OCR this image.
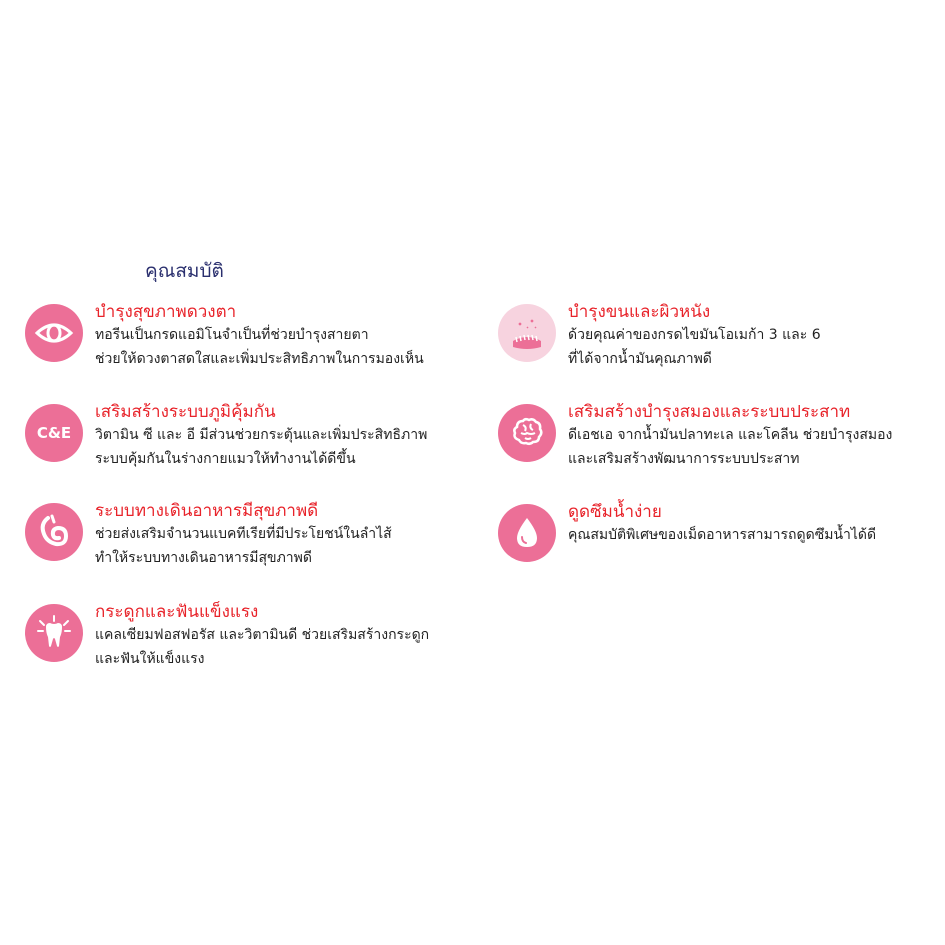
คุณสมบัติ
บำรุงสุขภาพดวงตา
ทอรีนเป็นกรดแอมิโนจำเป็นที่ช่วยบำรุงสายตา
ช่วยให้ดวงตาสดใสและเพิ่มประสิทธิภาพในการมองเห็น
C&E
เสริมสร้างระบบภูมิคุ้มกัน
วิตามิน ซี และ อี มีส่วนช่วยกระตุ้นและเพิ่มประสิทธิภาพ
ระบบคุ้มกันในร่างกายแมวให้ทำงานได้ดีขึ้น
ระบบทางเดินอาหารมีสุขภาพดี
ช่วยส่งเสริมจำนวนแบคทีเรียที่มีประโยชน์ในลำไส้
ทำให้ระบบทางเดินอาหารมีสุขภาพดี
กระดูกและฟันแข็งแรง
แคลเซียมฟอสฟอรัส และวิตามินดี ช่วยเสริมสร้างกระดูก
และฟันให้แข็งแรง
บำรุงขนและผิวหนัง
ด้วยคุณค่าของกรดไขมันโอเมก้า 3 และ 6
ที่ได้จากน้ำมันคุณภาพดี
เสริมสร้างบำรุงสมองและระบบประสาท
ดีเอชเอ จากน้ำมันปลาทะเล และโคลีน ช่วยบำรุงสมอง
และเสริมสร้างพัฒนาการระบบประสาท
ดูดซึมน้ำง่าย
คุณสมบัติพิเศษของเม็ดอาหารสามารถดูดซึมน้ำได้ดี
